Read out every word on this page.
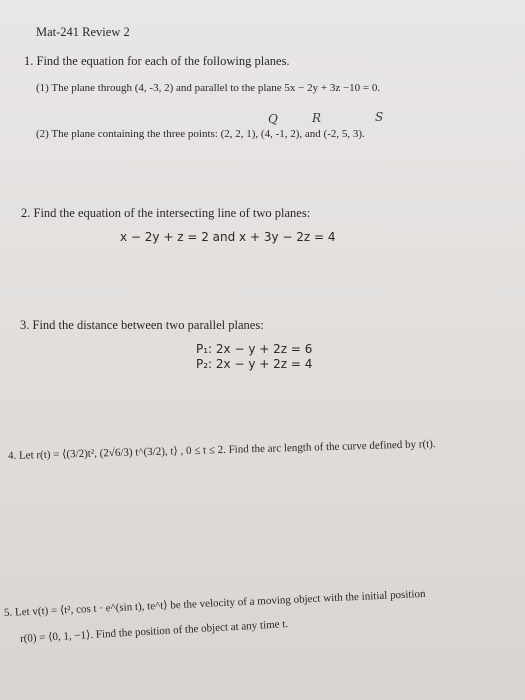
Mat-241 Review 2
1. Find the equation for each of the following planes.
(1) The plane through (4, -3, 2) and parallel to the plane 5x − 2y + 3z −10 = 0.
Q	R	S
(2) The plane containing the three points: (2, 2, 1), (4, -1, 2), and (-2, 5, 3).
2. Find the equation of the intersecting line of two planes:
x − 2y + z = 2 and x + 3y − 2z = 4
3. Find the distance between two parallel planes:
P₁: 2x − y + 2z = 6
P₂: 2x − y + 2z = 4
4. Let r(t) = ⟨(3/2)t², (2√6/3) t^(3/2), t⟩ , 0 ≤ t ≤ 2. Find the arc length of the curve defined by r(t).
5. Let v(t) = ⟨t², cos t · e^(sin t), te^t⟩ be the velocity of a moving object with the initial position
r(0) = ⟨0, 1, −1⟩. Find the position of the object at any time t.
